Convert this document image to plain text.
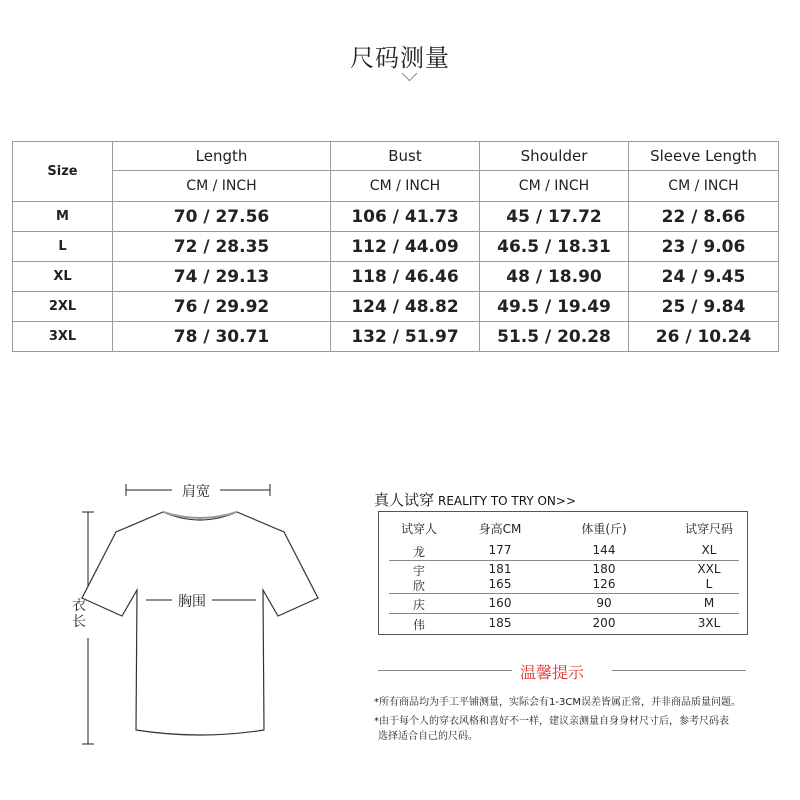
尺码测量
Size	Length	Bust	Shoulder	Sleeve Length
	CM / INCH	CM / INCH	CM / INCH	CM / INCH
M	70 / 27.56	106 / 41.73	45 / 17.72	22 / 8.66
L	72 / 28.35	112 / 44.09	46.5 / 18.31	23 / 9.06
XL	74 / 29.13	118 / 46.46	48 / 18.90	24 / 9.45
2XL	76 / 29.92	124 / 48.82	49.5 / 19.49	25 / 9.84
3XL	78 / 30.71	132 / 51.97	51.5 / 20.28	26 / 10.24
肩宽
胸围
衣长
真人试穿 REALITY TO TRY ON>>
试穿人	身高CM	体重(斤)	试穿尺码
龙	177	144	XL
宇	181	180	XXL
欣	165	126	L
庆	160	90	M
伟	185	200	3XL
温馨提示
*所有商品均为手工平铺测量，实际会有1-3CM误差皆属正常，并非商品质量问题。
*由于每个人的穿衣风格和喜好不一样，建议亲测量自身身材尺寸后，参考尺码表
选择适合自己的尺码。
